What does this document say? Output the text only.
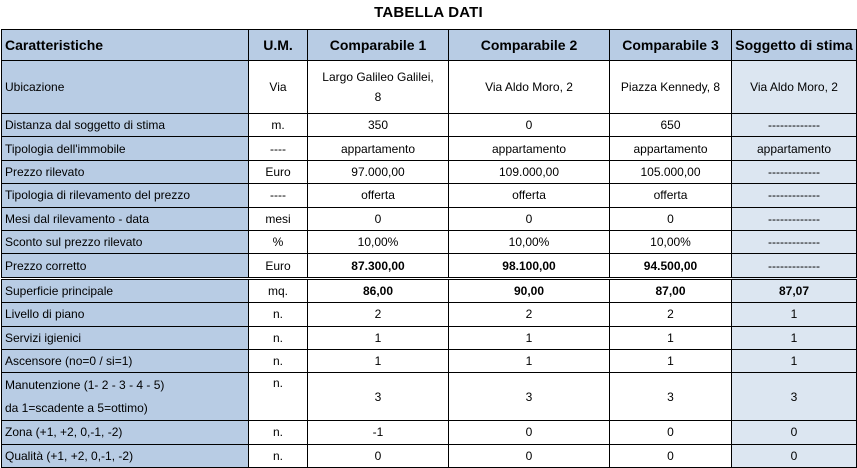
TABELLA DATI
Caratteristiche	U.M.	Comparabile 1	Comparabile 2	Comparabile 3	Soggetto di stima
Ubicazione	Via	Largo Galileo Galilei, 8	Via Aldo Moro, 2	Piazza Kennedy, 8	Via Aldo Moro, 2
Distanza dal soggetto di stima	m.	350	0	650	-------------
Tipologia dell'immobile	----	appartamento	appartamento	appartamento	appartamento
Prezzo rilevato	Euro	97.000,00	109.000,00	105.000,00	-------------
Tipologia di rilevamento del prezzo	----	offerta	offerta	offerta	-------------
Mesi dal rilevamento - data	mesi	0	0	0	-------------
Sconto sul prezzo rilevato	%	10,00%	10,00%	10,00%	-------------
Prezzo corretto	Euro	87.300,00	98.100,00	94.500,00	-------------
Superficie principale	mq.	86,00	90,00	87,00	87,07
Livello di piano	n.	2	2	2	1
Servizi igienici	n.	1	1	1	1
Ascensore (no=0 / si=1)	n.	1	1	1	1

Manutenzione (1- 2 - 3 - 4 - 5)
da 1=scadente a 5=ottimo)	n.	3	3	3	3
Zona (+1, +2, 0,-1, -2)	n.	-1	0	0	0
Qualità (+1, +2, 0,-1, -2)	n.	0	0	0	0
